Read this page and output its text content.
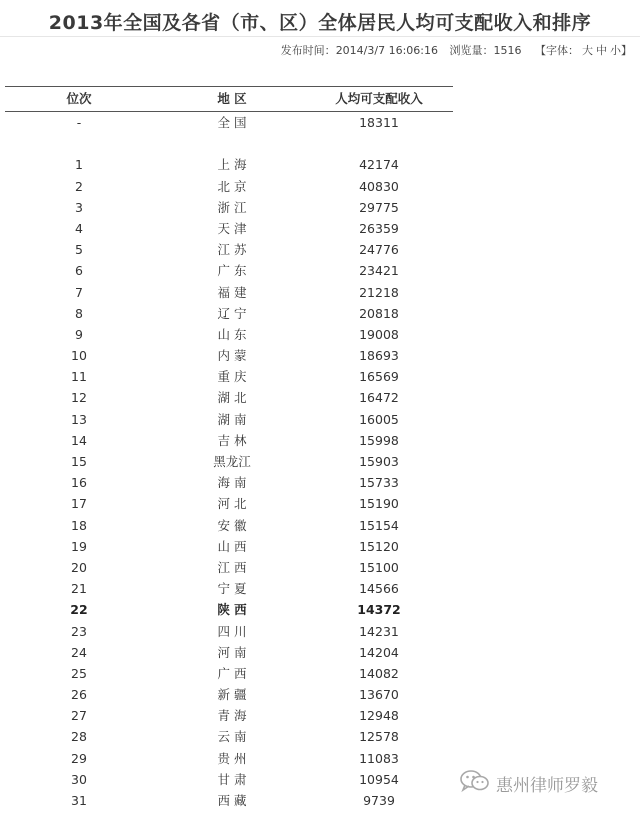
2013年全国及各省（市、区）全体居民人均可支配收入和排序
发布时间：2014/3/7 16:06:16 浏览量：1516 【字体： 大 中 小】
位次	地 区	人均可支配收入
-	全 国	18311
1	上 海	42174
2	北 京	40830
3	浙 江	29775
4	天 津	26359
5	江 苏	24776
6	广 东	23421
7	福 建	21218
8	辽 宁	20818
9	山 东	19008
10	内 蒙	18693
11	重 庆	16569
12	湖 北	16472
13	湖 南	16005
14	吉 林	15998
15	黑龙江	15903
16	海 南	15733
17	河 北	15190
18	安 徽	15154
19	山 西	15120
20	江 西	15100
21	宁 夏	14566
22	陕 西	14372
23	四 川	14231
24	河 南	14204
25	广 西	14082
26	新 疆	13670
27	青 海	12948
28	云 南	12578
29	贵 州	11083
30	甘 肃	10954
31	西 藏	9739
惠州律师罗毅
